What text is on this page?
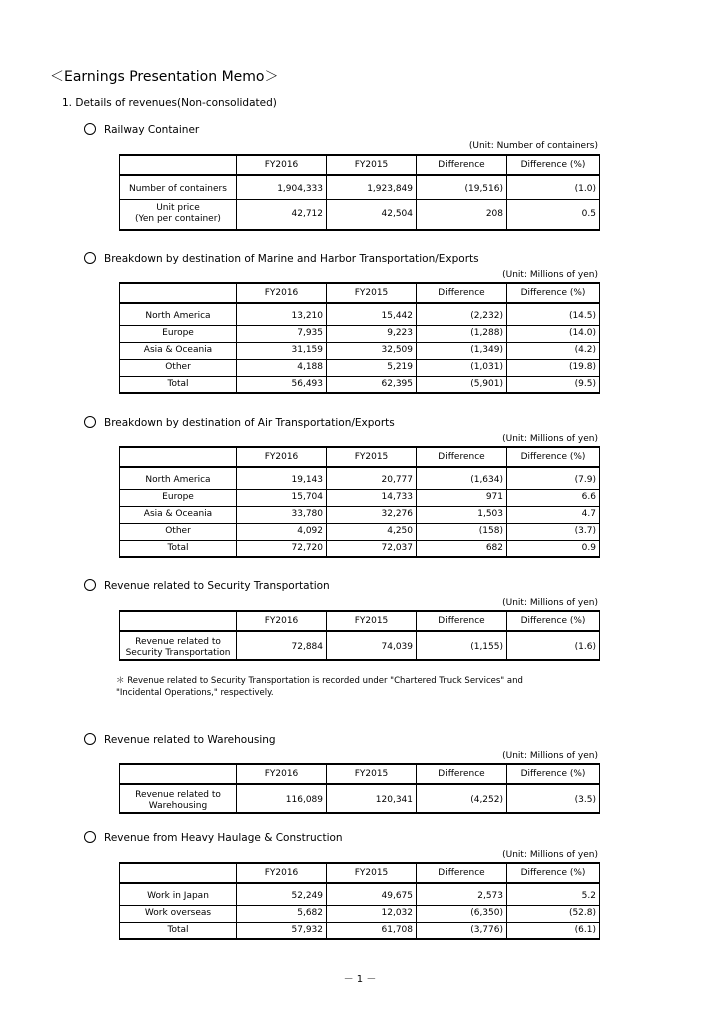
＜Earnings Presentation Memo＞
1. Details of revenues(Non-consolidated)
Railway Container
(Unit: Number of containers)
	FY2016	FY2015	Difference	Difference (%)

Number of containers	1,904,333	1,923,849	(19,516)	(1.0)
Unit price
(Yen per container)	42,712	42,504	208	0.5
Breakdown by destination of Marine and Harbor Transportation/Exports
(Unit: Millions of yen)
	FY2016	FY2015	Difference	Difference (%)

North America	13,210	15,442	(2,232)	(14.5)
Europe	7,935	9,223	(1,288)	(14.0)
Asia & Oceania	31,159	32,509	(1,349)	(4.2)
Other	4,188	5,219	(1,031)	(19.8)
Total	56,493	62,395	(5,901)	(9.5)
Breakdown by destination of Air Transportation/Exports
(Unit: Millions of yen)
	FY2016	FY2015	Difference	Difference (%)

North America	19,143	20,777	(1,634)	(7.9)
Europe	15,704	14,733	971	6.6
Asia & Oceania	33,780	32,276	1,503	4.7
Other	4,092	4,250	(158)	(3.7)
Total	72,720	72,037	682	0.9
Revenue related to Security Transportation
(Unit: Millions of yen)
	FY2016	FY2015	Difference	Difference (%)

Revenue related to
Security Transportation	72,884	74,039	(1,155)	(1.6)
＊ Revenue related to Security Transportation is recorded under "Chartered Truck Services" and
"Incidental Operations," respectively.
Revenue related to Warehousing
(Unit: Millions of yen)
	FY2016	FY2015	Difference	Difference (%)

Revenue related to
Warehousing	116,089	120,341	(4,252)	(3.5)
Revenue from Heavy Haulage & Construction
(Unit: Millions of yen)
	FY2016	FY2015	Difference	Difference (%)

Work in Japan	52,249	49,675	2,573	5.2
Work overseas	5,682	12,032	(6,350)	(52.8)
Total	57,932	61,708	(3,776)	(6.1)
－ 1 －
